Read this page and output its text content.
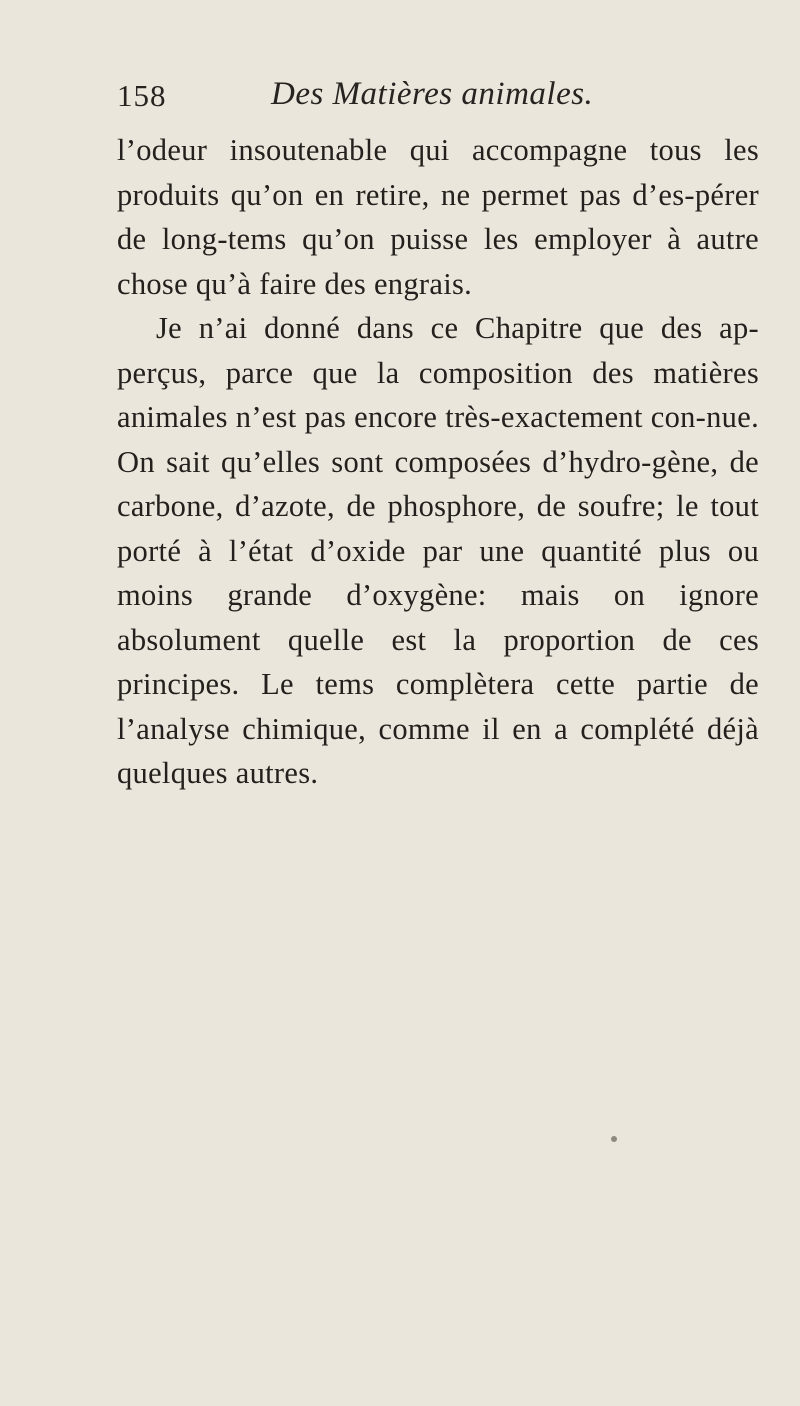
158	Des Matières animales.

l’odeur insoutenable qui accompagne tous les produits qu’on en retire, ne permet pas d’es-pérer de long-tems qu’on puisse les employer à autre chose qu’à faire des engrais.

Je n’ai donné dans ce Chapitre que des ap-perçus, parce que la composition des matières animales n’est pas encore très-exactement con-nue. On sait qu’elles sont composées d’hydro-gène, de carbone, d’azote, de phosphore, de soufre; le tout porté à l’état d’oxide par une quantité plus ou moins grande d’oxygène: mais on ignore absolument quelle est la proportion de ces principes. Le tems complètera cette partie de l’analyse chimique, comme il en a complété déjà quelques autres.
